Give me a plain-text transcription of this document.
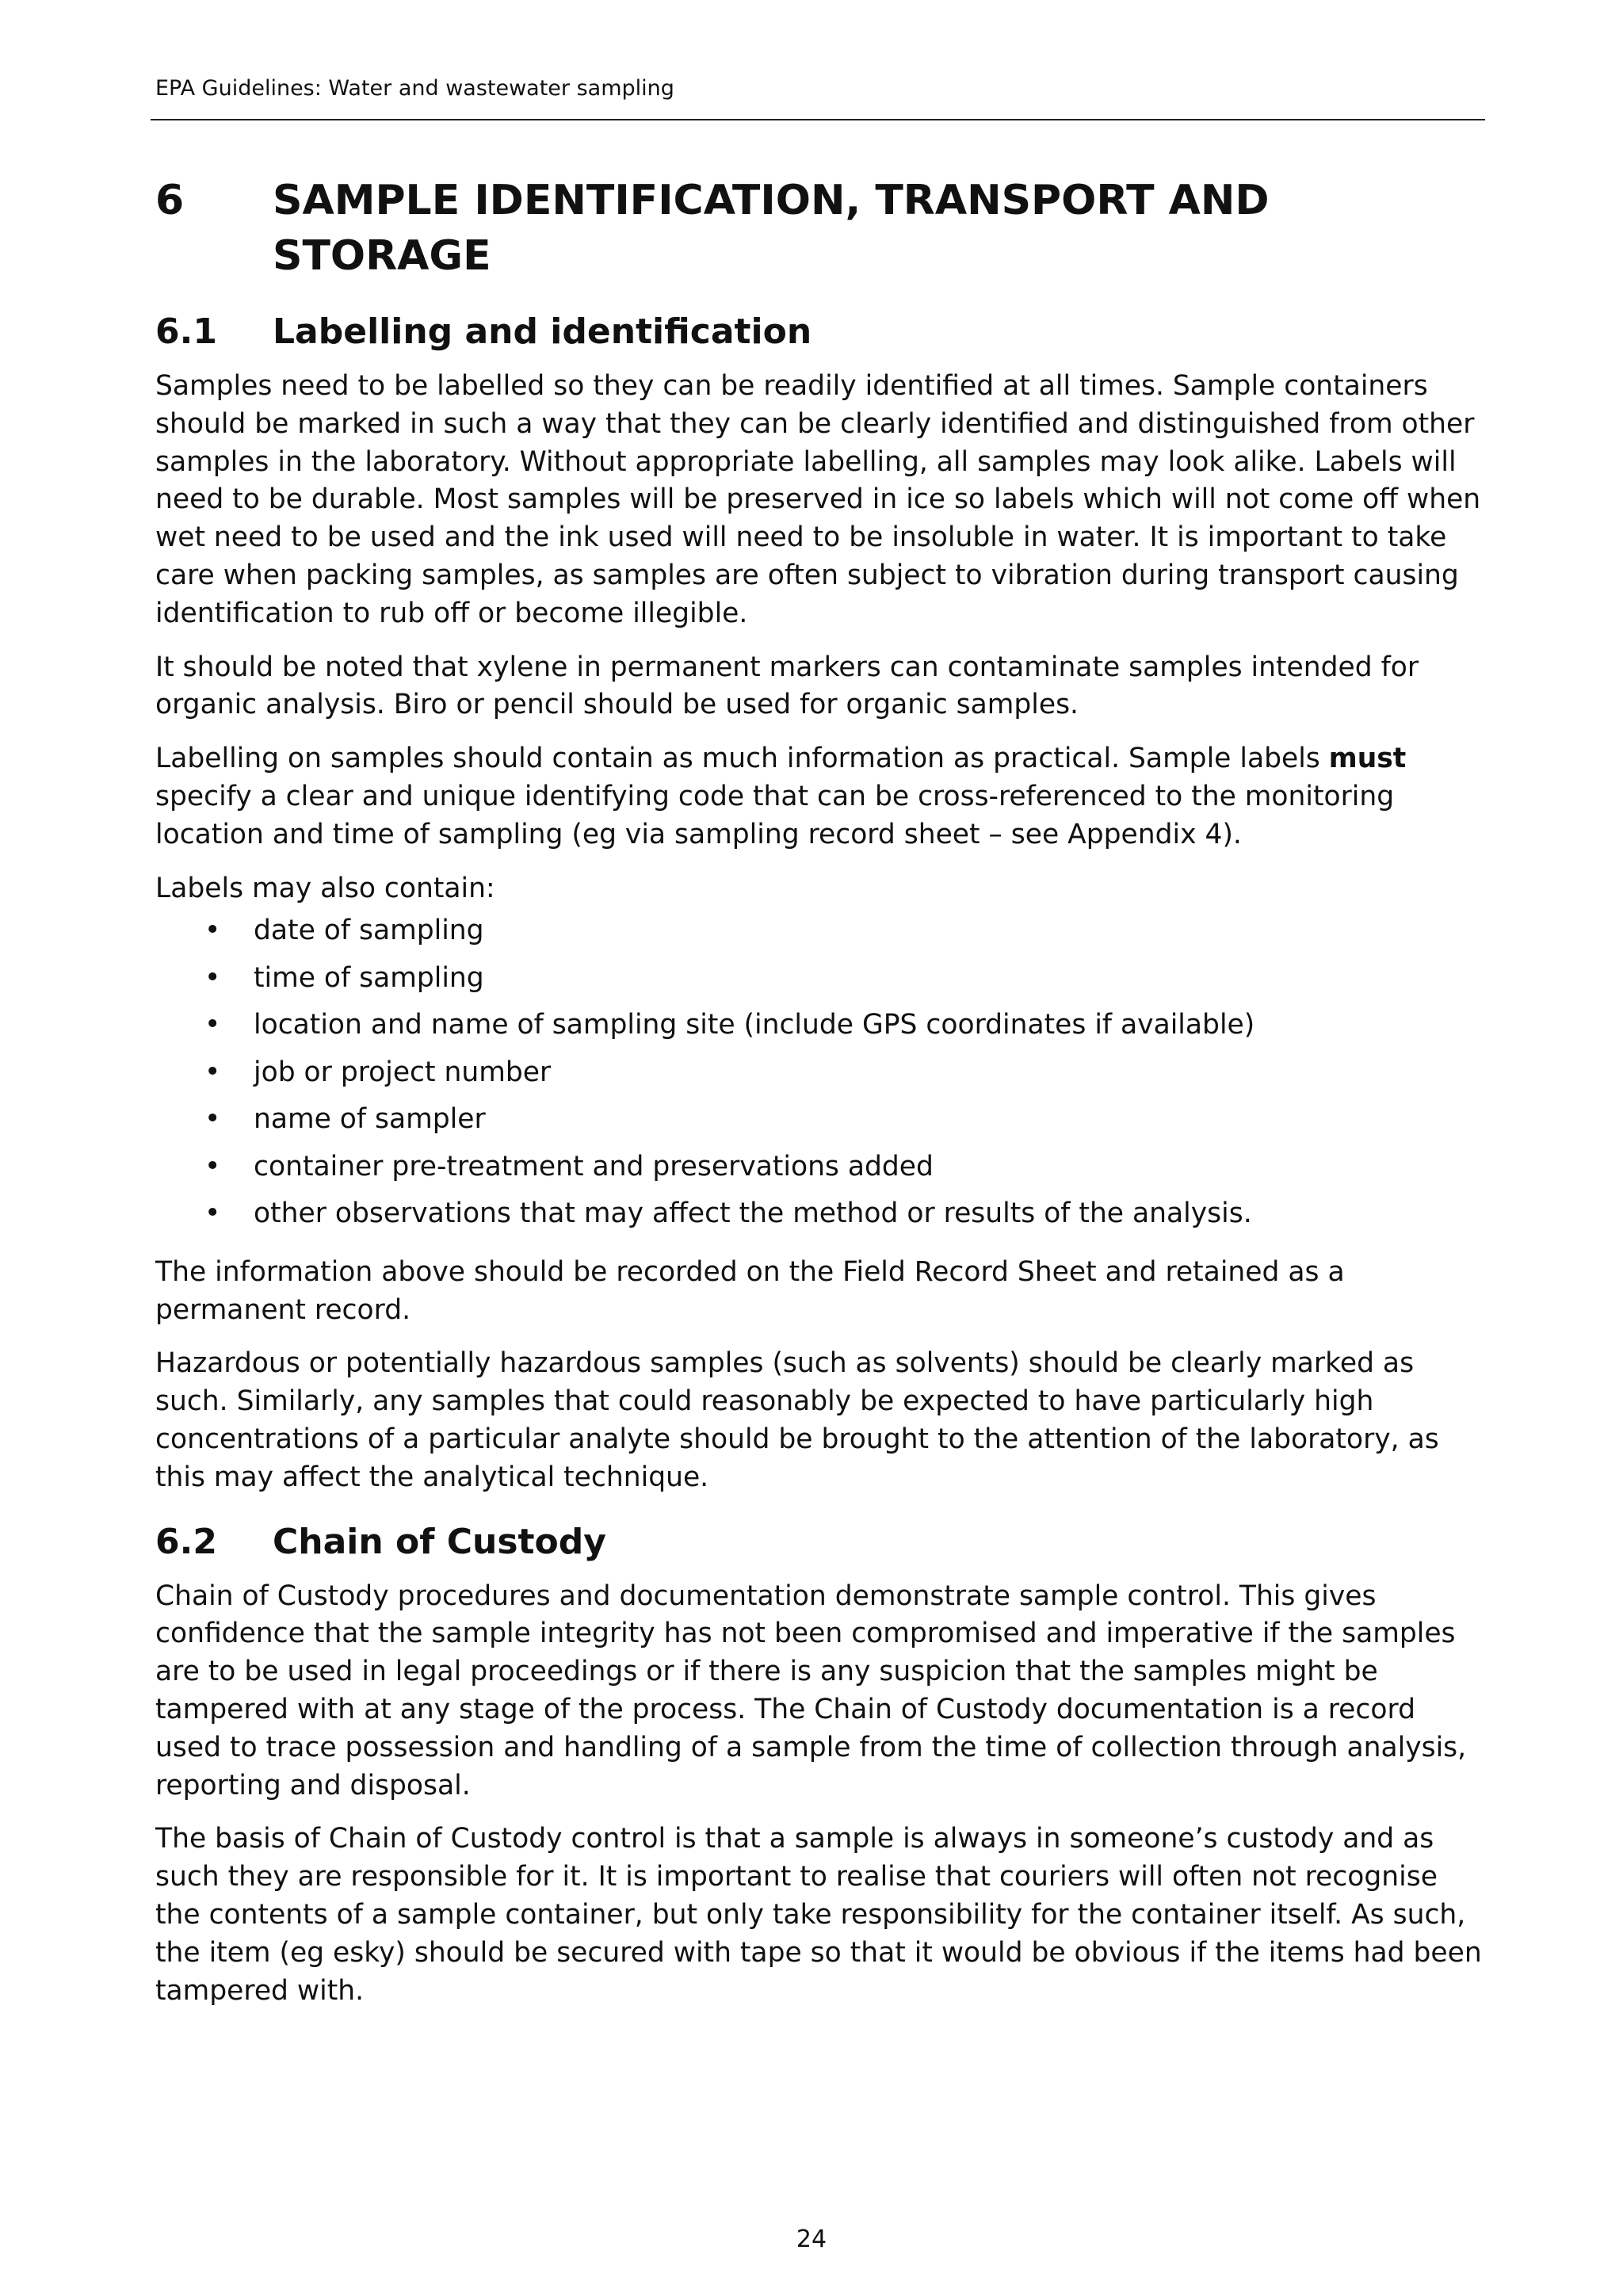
EPA Guidelines: Water and wastewater sampling
6	SAMPLE IDENTIFICATION, TRANSPORT AND STORAGE
6.1	Labelling and identification

Samples need to be labelled so they can be readily identified at all times. Sample containers should be marked in such a way that they can be clearly identified and distinguished from other samples in the laboratory. Without appropriate labelling, all samples may look alike. Labels will need to be durable. Most samples will be preserved in ice so labels which will not come off when wet need to be used and the ink used will need to be insoluble in water. It is important to take care when packing samples, as samples are often subject to vibration during transport causing identification to rub off or become illegible.

It should be noted that xylene in permanent markers can contaminate samples intended for organic analysis. Biro or pencil should be used for organic samples.

Labelling on samples should contain as much information as practical. Sample labels must specify a clear and unique identifying code that can be cross-referenced to the monitoring location and time of sampling (eg via sampling record sheet – see Appendix 4).

Labels may also contain:

• date of sampling
• time of sampling
• location and name of sampling site (include GPS coordinates if available)
• job or project number
• name of sampler
• container pre-treatment and preservations added
• other observations that may affect the method or results of the analysis.

The information above should be recorded on the Field Record Sheet and retained as a permanent record.

Hazardous or potentially hazardous samples (such as solvents) should be clearly marked as such. Similarly, any samples that could reasonably be expected to have particularly high concentrations of a particular analyte should be brought to the attention of the laboratory, as this may affect the analytical technique.

6.2	Chain of Custody

Chain of Custody procedures and documentation demonstrate sample control. This gives confidence that the sample integrity has not been compromised and imperative if the samples are to be used in legal proceedings or if there is any suspicion that the samples might be tampered with at any stage of the process. The Chain of Custody documentation is a record used to trace possession and handling of a sample from the time of collection through analysis, reporting and disposal.

The basis of Chain of Custody control is that a sample is always in someone’s custody and as such they are responsible for it. It is important to realise that couriers will often not recognise the contents of a sample container, but only take responsibility for the container itself. As such, the item (eg esky) should be secured with tape so that it would be obvious if the items had been tampered with.

24
